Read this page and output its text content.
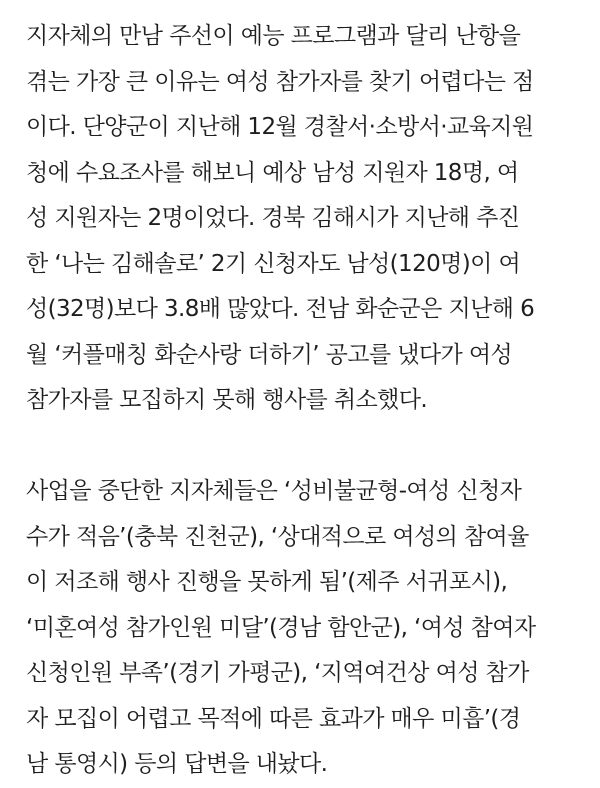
지자체의 만남 주선이 예능 프로그램과 달리 난항을
겪는 가장 큰 이유는 여성 참가자를 찾기 어렵다는 점
이다. 단양군이 지난해 12월 경찰서·소방서·교육지원
청에 수요조사를 해보니 예상 남성 지원자 18명, 여
성 지원자는 2명이었다. 경북 김해시가 지난해 추진
한 ‘나는 김해솔로’ 2기 신청자도 남성(120명)이 여
성(32명)보다 3.8배 많았다. 전남 화순군은 지난해 6
월 ‘커플매칭 화순사랑 더하기’ 공고를 냈다가 여성
참가자를 모집하지 못해 행사를 취소했다.

사업을 중단한 지자체들은 ‘성비불균형-여성 신청자
수가 적음’(충북 진천군), ‘상대적으로 여성의 참여율
이 저조해 행사 진행을 못하게 됨’(제주 서귀포시),
‘미혼여성 참가인원 미달’(경남 함안군), ‘여성 참여자
신청인원 부족’(경기 가평군), ‘지역여건상 여성 참가
자 모집이 어렵고 목적에 따른 효과가 매우 미흡’(경
남 통영시) 등의 답변을 내놨다.
